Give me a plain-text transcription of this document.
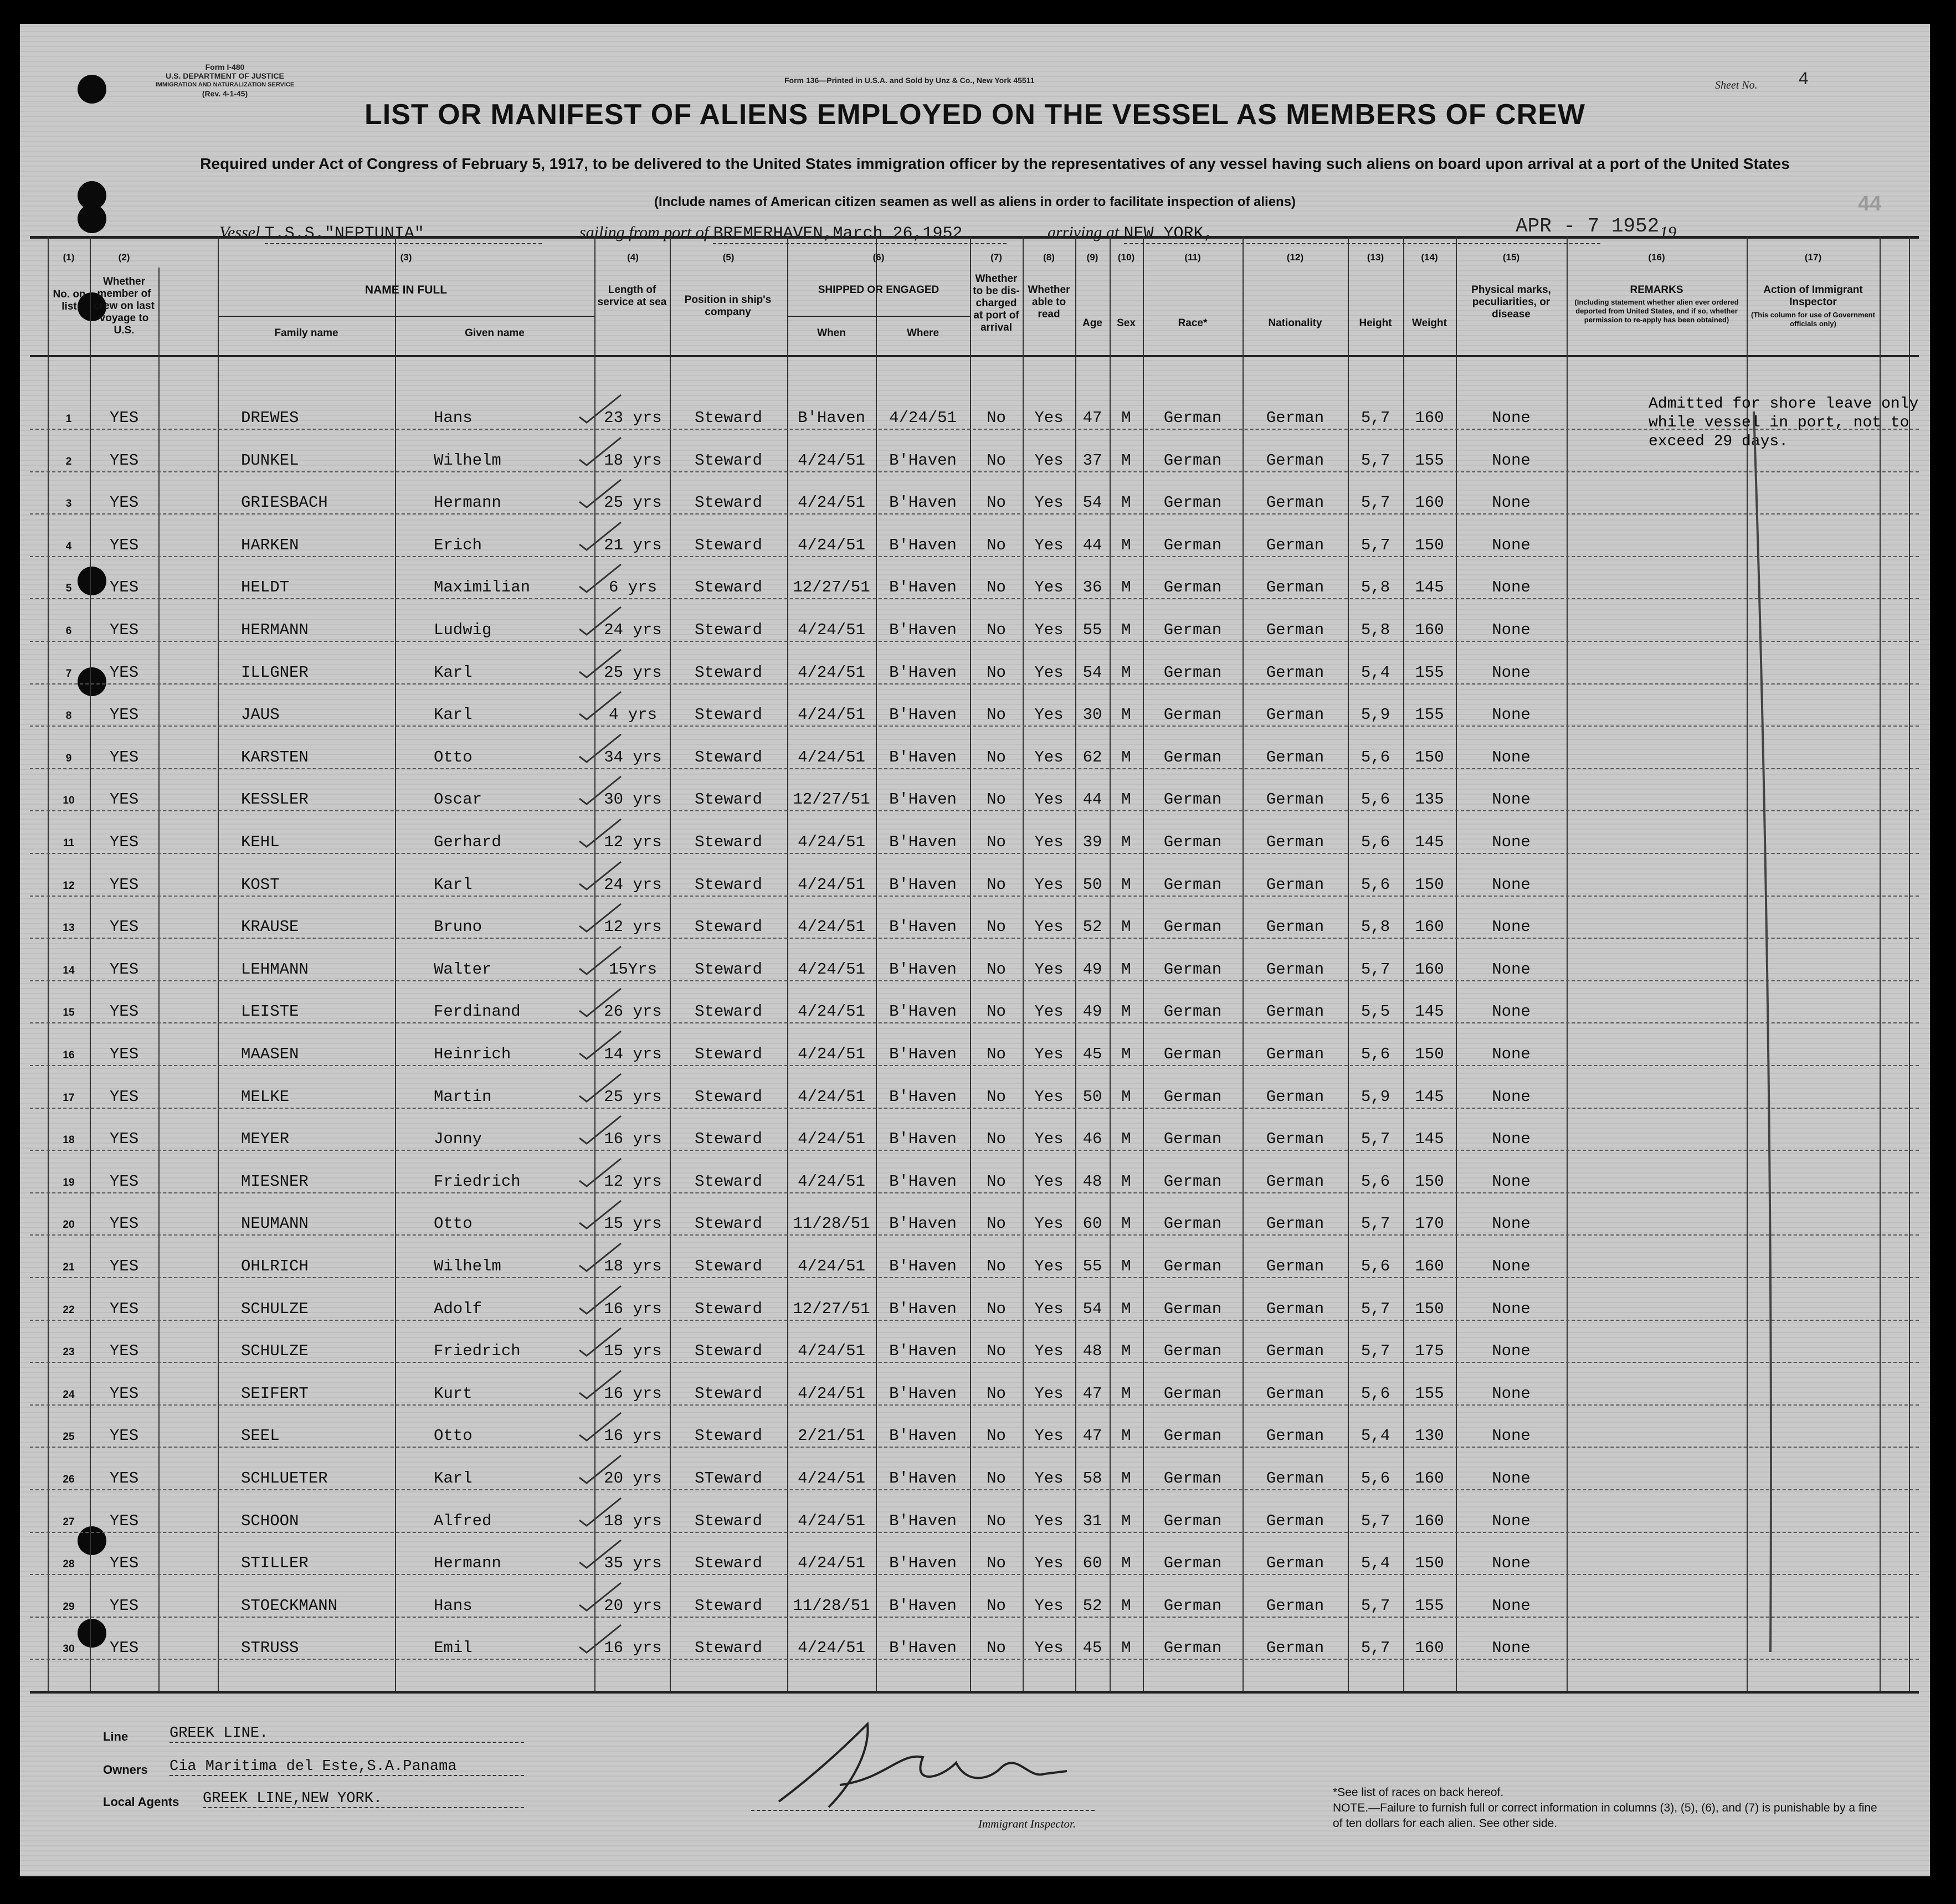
Form I-480
U.S. DEPARTMENT OF JUSTICE
IMMIGRATION AND NATURALIZATION SERVICE
(Rev. 4-1-45)
Form 136—Printed in U.S.A. and Sold by Unz & Co., New York 45511	Sheet No. 4
LIST OR MANIFEST OF ALIENS EMPLOYED ON THE VESSEL AS MEMBERS OF CREW
Required under Act of Congress of February 5, 1917, to be delivered to the United States immigration officer by the representatives of any vessel having such aliens on board upon arrival at a port of the United States
(Include names of American citizen seamen as well as aliens in order to facilitate inspection of aliens)	44
APR - 7 1952
Vessel T.S.S."NEPTUNIA"	sailing from port of BREMERHAVEN,March 26,1952	arriving at NEW YORK,	19
(1)	(2)	(3)	(4)	(5)	(6)	(7)	(8)	(9)	(10)	(11)	(12)	(13)	(14)	(15)	(16)	(17)
No. on list
Whether member of crew on last voyage to U.S.
NAME IN FULL
Family name	Given name
Length of service at sea	Position in ship's company
SHIPPED OR ENGAGED
When	Where
Whether to be dis-charged at port of arrival
Whether able to read
Age	Sex	Race*	Nationality	Height	Weight
Physical marks, peculiarities, or disease
REMARKS
(Including statement whether alien ever ordered deported from United States, and if so, whether permission to re-apply has been obtained)
Action of Immigrant Inspector
(This column for use of Government officials only)
1	YES	DREWES	Hans	23 yrs	Steward	B'Haven	4/24/51	No	Yes	47	M	German	German	5,7	160	None
2	YES	DUNKEL	Wilhelm	18 yrs	Steward	4/24/51	B'Haven	No	Yes	37	M	German	German	5,7	155	None
3	YES	GRIESBACH	Hermann	25 yrs	Steward	4/24/51	B'Haven	No	Yes	54	M	German	German	5,7	160	None
4	YES	HARKEN	Erich	21 yrs	Steward	4/24/51	B'Haven	No	Yes	44	M	German	German	5,7	150	None
5	YES	HELDT	Maximilian	6 yrs	Steward	12/27/51	B'Haven	No	Yes	36	M	German	German	5,8	145	None
6	YES	HERMANN	Ludwig	24 yrs	Steward	4/24/51	B'Haven	No	Yes	55	M	German	German	5,8	160	None
7	YES	ILLGNER	Karl	25 yrs	Steward	4/24/51	B'Haven	No	Yes	54	M	German	German	5,4	155	None
8	YES	JAUS	Karl	4 yrs	Steward	4/24/51	B'Haven	No	Yes	30	M	German	German	5,9	155	None
9	YES	KARSTEN	Otto	34 yrs	Steward	4/24/51	B'Haven	No	Yes	62	M	German	German	5,6	150	None
10	YES	KESSLER	Oscar	30 yrs	Steward	12/27/51	B'Haven	No	Yes	44	M	German	German	5,6	135	None
11	YES	KEHL	Gerhard	12 yrs	Steward	4/24/51	B'Haven	No	Yes	39	M	German	German	5,6	145	None
12	YES	KOST	Karl	24 yrs	Steward	4/24/51	B'Haven	No	Yes	50	M	German	German	5,6	150	None
13	YES	KRAUSE	Bruno	12 yrs	Steward	4/24/51	B'Haven	No	Yes	52	M	German	German	5,8	160	None
14	YES	LEHMANN	Walter	15Yrs	Steward	4/24/51	B'Haven	No	Yes	49	M	German	German	5,7	160	None
15	YES	LEISTE	Ferdinand	26 yrs	Steward	4/24/51	B'Haven	No	Yes	49	M	German	German	5,5	145	None
16	YES	MAASEN	Heinrich	14 yrs	Steward	4/24/51	B'Haven	No	Yes	45	M	German	German	5,6	150	None
17	YES	MELKE	Martin	25 yrs	Steward	4/24/51	B'Haven	No	Yes	50	M	German	German	5,9	145	None
18	YES	MEYER	Jonny	16 yrs	Steward	4/24/51	B'Haven	No	Yes	46	M	German	German	5,7	145	None
19	YES	MIESNER	Friedrich	12 yrs	Steward	4/24/51	B'Haven	No	Yes	48	M	German	German	5,6	150	None
20	YES	NEUMANN	Otto	15 yrs	Steward	11/28/51	B'Haven	No	Yes	60	M	German	German	5,7	170	None
21	YES	OHLRICH	Wilhelm	18 yrs	Steward	4/24/51	B'Haven	No	Yes	55	M	German	German	5,6	160	None
22	YES	SCHULZE	Adolf	16 yrs	Steward	12/27/51	B'Haven	No	Yes	54	M	German	German	5,7	150	None
23	YES	SCHULZE	Friedrich	15 yrs	Steward	4/24/51	B'Haven	No	Yes	48	M	German	German	5,7	175	None
24	YES	SEIFERT	Kurt	16 yrs	Steward	4/24/51	B'Haven	No	Yes	47	M	German	German	5,6	155	None
25	YES	SEEL	Otto	16 yrs	Steward	2/21/51	B'Haven	No	Yes	47	M	German	German	5,4	130	None
26	YES	SCHLUETER	Karl	20 yrs	STeward	4/24/51	B'Haven	No	Yes	58	M	German	German	5,6	160	None
27	YES	SCHOON	Alfred	18 yrs	Steward	4/24/51	B'Haven	No	Yes	31	M	German	German	5,7	160	None
28	YES	STILLER	Hermann	35 yrs	Steward	4/24/51	B'Haven	No	Yes	60	M	German	German	5,4	150	None
29	YES	STOECKMANN	Hans	20 yrs	Steward	11/28/51	B'Haven	No	Yes	52	M	German	German	5,7	155	None
30	YES	STRUSS	Emil	16 yrs	Steward	4/24/51	B'Haven	No	Yes	45	M	German	German	5,7	160	None
Admitted for shore leave only while vessel in port, not to exceed 29 days.
Line	GREEK LINE.
Owners Cia Maritima del Este,S.A.Panama
Local Agents GREEK LINE,NEW YORK.
Immigrant Inspector.
*See list of races on back hereof.
NOTE.—Failure to furnish full or correct information in columns (3), (5), (6), and (7) is punishable by a fine of ten dollars for each alien. See other side.
